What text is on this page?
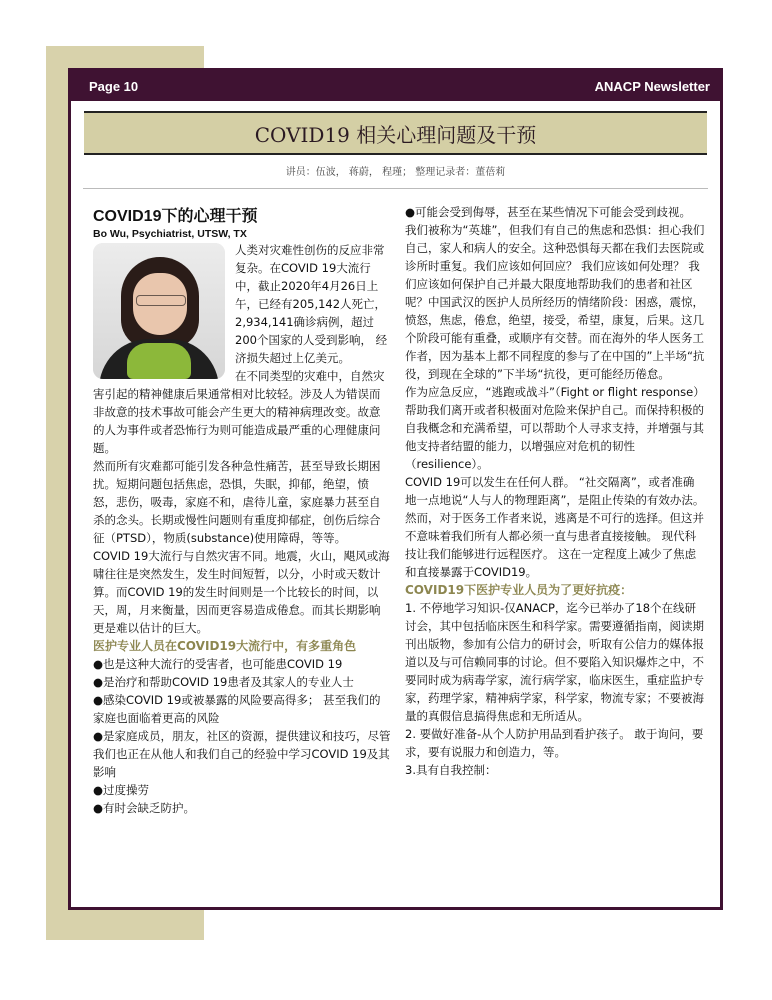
Page 10	ANACP Newsletter
COVID19 相关心理问题及干预
讲员：伍波， 蒋蔚， 程瑾； 整理记录者：董蓓莉

COVID19下的心理干预

Bo Wu, Psychiatrist, UTSW, TX

人类对灾难性创伤的反应非常复杂。在COVID 19大流行中，截止2020年4月26日上午，已经有205,142人死亡，2,934,141确诊病例，超过200个国家的人受到影响， 经济损失超过上亿美元。

在不同类型的灾难中，自然灾害引起的精神健康后果通常相对比较轻。涉及人为错误而非故意的技术事故可能会产生更大的精神病理改变。故意的人为事件或者恐怖行为则可能造成最严重的心理健康问题。

然而所有灾难都可能引发各种急性痛苦，甚至导致长期困扰。短期问题包括焦虑，恐惧，失眠，抑郁，绝望，愤怒，悲伤，吸毒，家庭不和，虐待儿童，家庭暴力甚至自杀的念头。长期或慢性问题则有重度抑郁症，创伤后综合征（PTSD），物质(substance)使用障碍，等等。

COVID 19大流行与自然灾害不同。地震，火山，飓风或海啸往往是突然发生，发生时间短暂，以分，小时或天数计算。而COVID 19的发生时间则是一个比较长的时间，以天，周，月来衡量，因而更容易造成倦怠。而其长期影响更是难以估计的巨大。

医护专业人员在COVID19大流行中，有多重角色

●也是这种大流行的受害者，也可能患COVID 19

●是治疗和帮助COVID 19患者及其家人的专业人士

●感染COVID 19或被暴露的风险要高得多； 甚至我们的家庭也面临着更高的风险

●是家庭成员，朋友，社区的资源，提供建议和技巧，尽管我们也正在从他人和我们自己的经验中学习COVID 19及其影响

●过度操劳

●有时会缺乏防护。

●可能会受到侮辱，甚至在某些情况下可能会受到歧视。

我们被称为“英雄”，但我们有自己的焦虑和恐惧：担心我们自己，家人和病人的安全。这种恐惧每天都在我们去医院或诊所时重复。我们应该如何回应？ 我们应该如何处理？ 我们应该如何保护自己并最大限度地帮助我们的患者和社区呢？中国武汉的医护人员所经历的情绪阶段：困惑，震惊，愤怒，焦虑，倦怠，绝望，接受，希望，康复，后果。这几个阶段可能有重叠，或顺序有交替。而在海外的华人医务工作者，因为基本上都不同程度的参与了在中国的”上半场“抗役，到现在全球的”下半场“抗役，更可能经历倦怠。

作为应急反应，“逃跑或战斗”（Fight or flight response） 帮助我们离开或者积极面对危险来保护自己。而保持积极的自我概念和充满希望，可以帮助个人寻求支持，并增强与其他支持者结盟的能力，以增强应对危机的韧性（resilience）。

COVID 19可以发生在任何人群。 “社交隔离”，或者准确地一点地说“人与人的物理距离”，是阻止传染的有效办法。然而，对于医务工作者来说，逃离是不可行的选择。但这并不意味着我们所有人都必须一直与患者直接接触。 现代科技让我们能够进行远程医疗。 这在一定程度上减少了焦虑和直接暴露于COVID19。

COVID19下医护专业人员为了更好抗疫：

1. 不停地学习知识-仅ANACP，迄今已举办了18个在线研讨会，其中包括临床医生和科学家。需要遵循指南，阅读期刊出版物，参加有公信力的研讨会，听取有公信力的媒体报道以及与可信赖同事的讨论。但不要陷入知识爆炸之中，不要同时成为病毒学家，流行病学家，临床医生，重症监护专家，药理学家，精神病学家，科学家，物流专家；不要被海量的真假信息搞得焦虑和无所适从。

2. 要做好准备-从个人防护用品到看护孩子。 敢于询问，要求，要有说服力和创造力，等。

3.具有自我控制：
